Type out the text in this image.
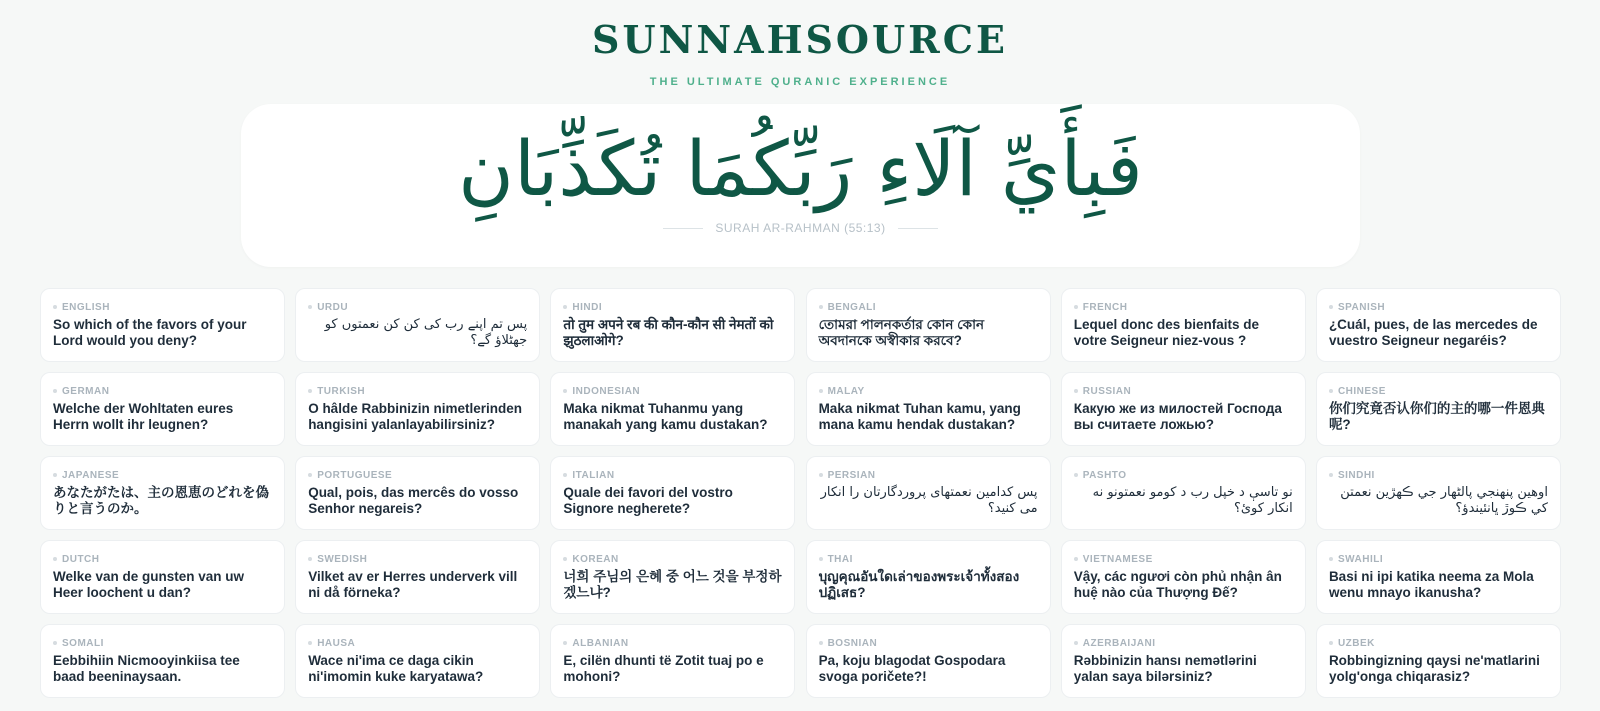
SUNNAHSOURCE
THE ULTIMATE QURANIC EXPERIENCE
فَبِأَيِّ آلَاءِ رَبِّكُمَا تُكَذِّبَانِ
SURAH AR-RAHMAN (55:13)
ENGLISH
So which of the favors of your Lord would you deny?
URDU
پس تم اپنے رب کی کن کن نعمتوں کو جھٹلاؤ گے؟
HINDI
तो तुम अपने रब की कौन-कौन सी नेमतों को झुठलाओगे?
BENGALI
তোমরা পালনকর্তার কোন কোন অবদানকে অস্বীকার করবে?
FRENCH
Lequel donc des bienfaits de votre Seigneur niez-vous ?
SPANISH
¿Cuál, pues, de las mercedes de vuestro Seigneur negaréis?
GERMAN
Welche der Wohltaten eures Herrn wollt ihr leugnen?
TURKISH
O hâlde Rabbinizin nimetlerinden hangisini yalanlayabilirsiniz?
INDONESIAN
Maka nikmat Tuhanmu yang manakah yang kamu dustakan?
MALAY
Maka nikmat Tuhan kamu, yang mana kamu hendak dustakan?
RUSSIAN
Какую же из милостей Господа вы считаете ложью?
CHINESE
你们究竟否认你们的主的哪一件恩典呢?
JAPANESE
あなたがたは、主の恩恵のどれを偽りと言うのか。
PORTUGUESE
Qual, pois, das mercês do vosso Senhor negareis?
ITALIAN
Quale dei favori del vostro Signore negherete?
PERSIAN
پس کدامین نعمتهای پروردگارتان را انکار می کنید؟
PASHTO
نو تاسې د خپل رب د کومو نعمتونو نه انکار کوئ؟
SINDHI
اوھين پنھنجي پالڻھار جي ڪھڙين نعمتن کي ڪوڙ ڀانئيندؤ؟
DUTCH
Welke van de gunsten van uw Heer loochent u dan?
SWEDISH
Vilket av er Herres underverk vill ni då förneka?
KOREAN
너희 주님의 은혜 중 어느 것을 부정하겠느냐?
THAI
บุญคุณอันใดเล่าของพระเจ้าทั้งสองปฏิเสธ?
VIETNAMESE
Vậy, các ngươi còn phủ nhận ân huệ nào của Thượng Đế?
SWAHILI
Basi ni ipi katika neema za Mola wenu mnayo ikanusha?
SOMALI
Eebbihiin Nicmooyinkiisa tee baad beeninaysaan.
HAUSA
Wace ni'ima ce daga cikin ni'imomin kuke karyatawa?
ALBANIAN
E, cilën dhunti të Zotit tuaj po e mohoni?
BOSNIAN
Pa, koju blagodat Gospodara svoga poričete?!
AZERBAIJANI
Rəbbinizin hansı nemətlərini yalan saya bilərsiniz?
UZBEK
Robbingizning qaysi ne'matlarini yolg'onga chiqarasiz?
